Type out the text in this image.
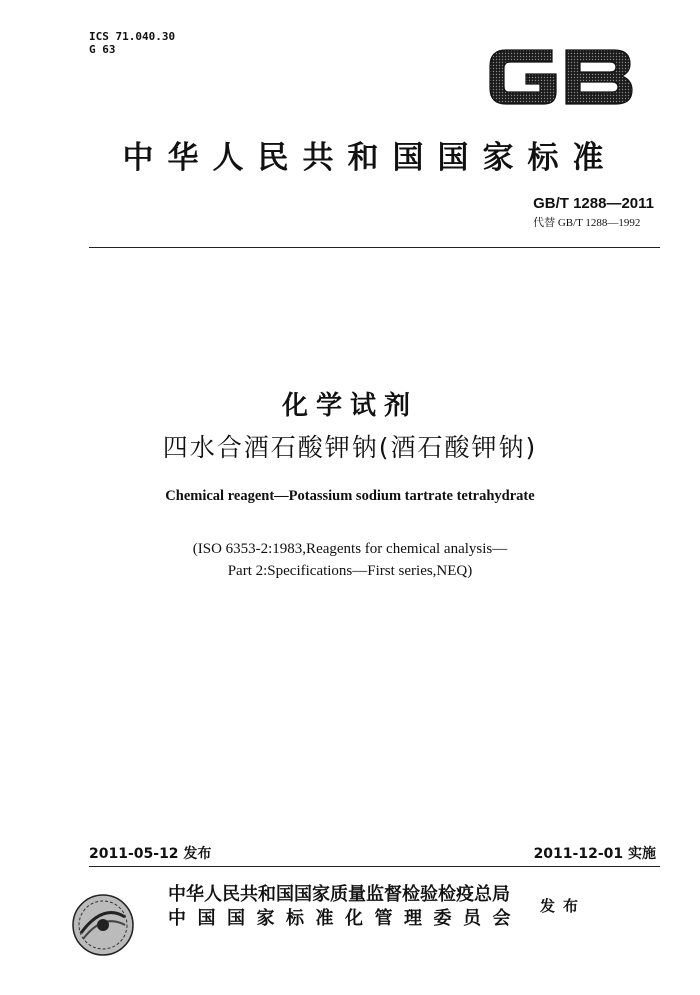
ICS 71.040.30
G 63
中华人民共和国国家标准
GB/T 1288—2011
代替 GB/T 1288—1992
化学试剂
四水合酒石酸钾钠(酒石酸钾钠)
Chemical reagent—Potassium sodium tartrate tetrahydrate
(ISO 6353-2:1983,Reagents for chemical analysis—
Part 2:Specifications—First series,NEQ)
2011-05-12 发布	2011-12-01 实施
中华人民共和国国家质量监督检验检疫总局
中国国家标准化管理委员会
发布
